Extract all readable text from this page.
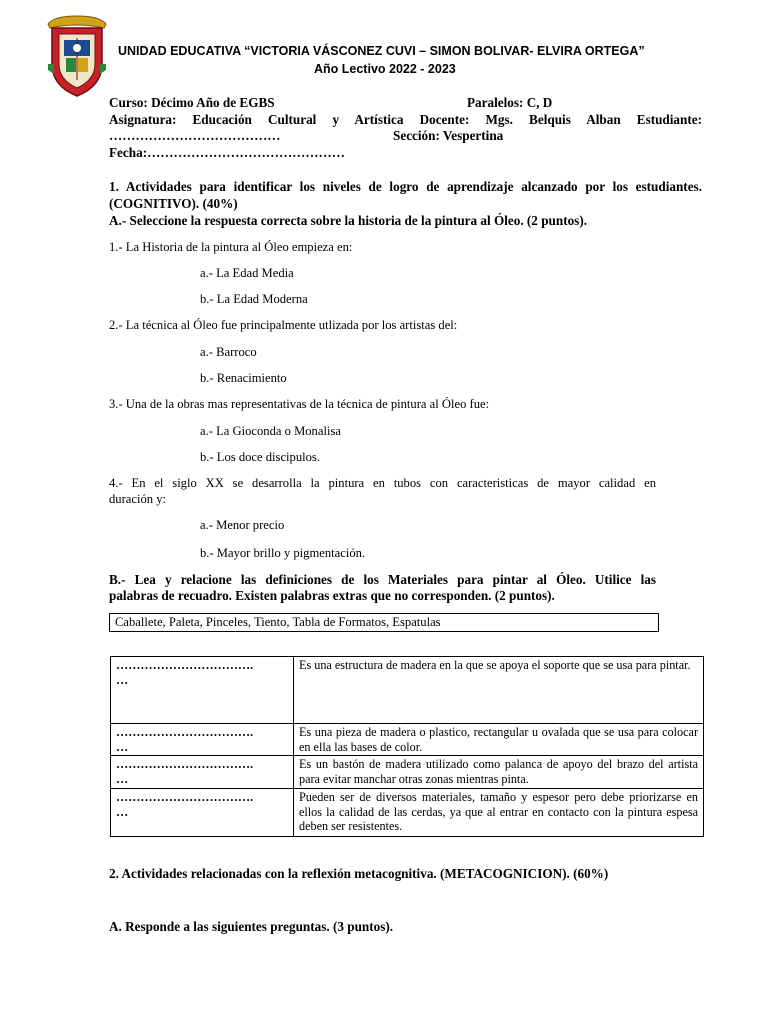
UNIDAD EDUCATIVA “VICTORIA VÁSCONEZ CUVI – SIMON BOLIVAR- ELVIRA ORTEGA”
Año Lectivo 2022 - 2023
Curso: Décimo Año de EGBS	Paralelos: C, D
Asignatura: Educación Cultural y Artística Docente: Mgs. Belquis Alban Estudiante:
…………………………………	Sección: Vespertina
Fecha:………………………………………
1. Actividades para identificar los niveles de logro de aprendizaje alcanzado por los estudiantes.
(COGNITIVO). (40%)
A.- Seleccione la respuesta correcta sobre la historia de la pintura al Óleo. (2 puntos).
1.- La Historia de la pintura al Óleo empieza en:
a.- La Edad Media
b.- La Edad Moderna
2.- La técnica al Óleo fue principalmente utlizada por los artistas del:
a.- Barroco
b.- Renacimiento
3.- Una de la obras mas representativas de la técnica de pintura al Óleo fue:
a.- La Gioconda o Monalisa
b.- Los doce discipulos.
4.- En el siglo XX se desarrolla la pintura en tubos con caracteristicas de mayor calidad en
duración y:
a.- Menor precio
b.- Mayor brillo y pigmentación.
B.- Lea y relacione las definiciones de los Materiales para pintar al Óleo. Utilice las
palabras de recuadro. Existen palabras extras que no corresponden. (2 puntos).
Caballete, Paleta, Pinceles, Tiento, Tabla de Formatos, Espatulas
…………………………….
…	Es una estructura de madera en la que se apoya el soporte que se usa para pintar.
…………………………….
…	Es una pieza de madera o plastico, rectangular u ovalada que se usa para colocar en ella las bases de color.
…………………………….
…	Es un bastón de madera utilizado como palanca de apoyo del brazo del artista para evitar manchar otras zonas mientras pinta.
…………………………….
…	Pueden ser de diversos materiales, tamaño y espesor pero debe priorizarse en ellos la calidad de las cerdas, ya que al entrar en contacto con la pintura espesa deben ser resistentes.
2. Actividades relacionadas con la reflexión metacognitiva. (METACOGNICION). (60%)
A. Responde a las siguientes preguntas. (3 puntos).
